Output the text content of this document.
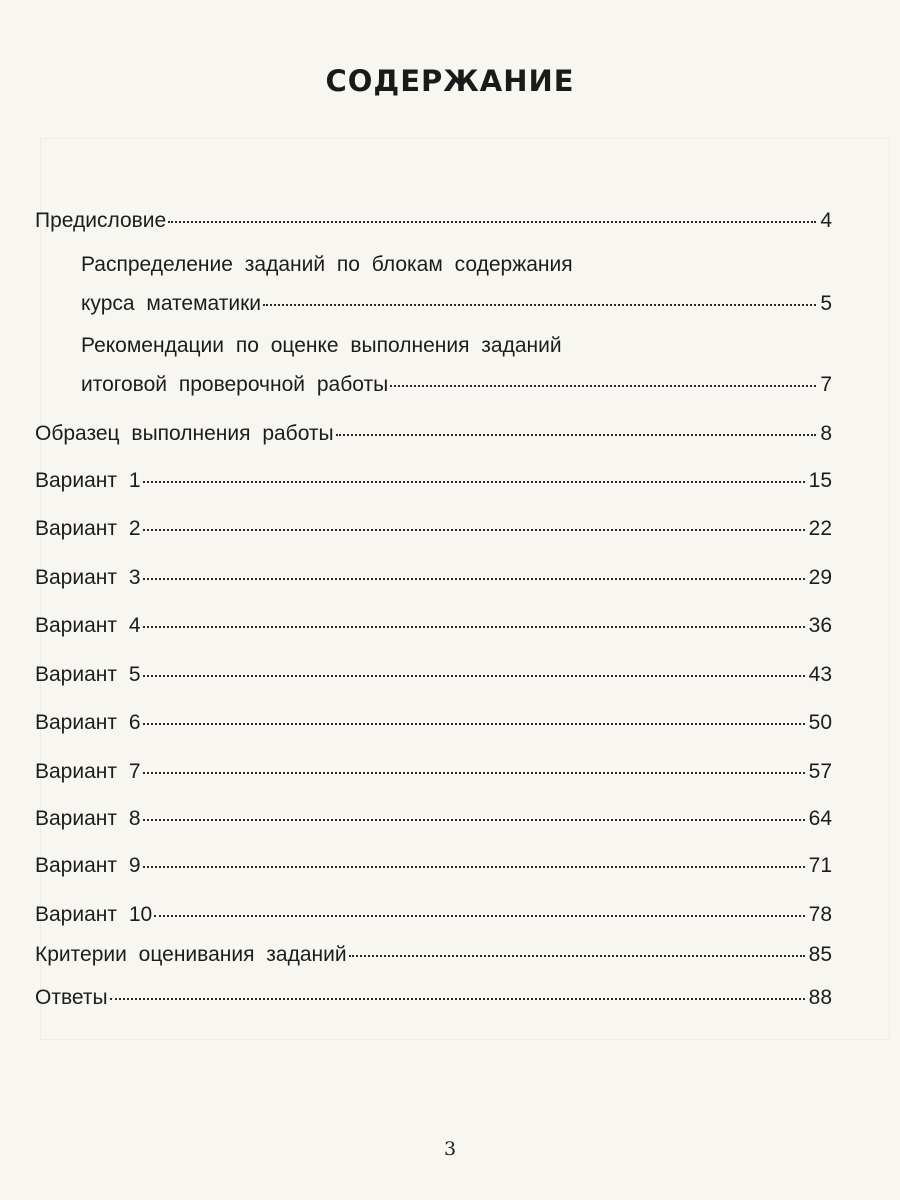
СОДЕРЖАНИЕ
Предисловие	4
Распределение заданий по блокам содержания
курса математики	5
Рекомендации по оценке выполнения заданий
итоговой проверочной работы	7
Образец выполнения работы	8
Вариант 1	15
Вариант 2	22
Вариант 3	29
Вариант 4	36
Вариант 5	43
Вариант 6	50
Вариант 7	57
Вариант 8	64
Вариант 9	71
Вариант 10	78
Критерии оценивания заданий	85
Ответы	88
3
